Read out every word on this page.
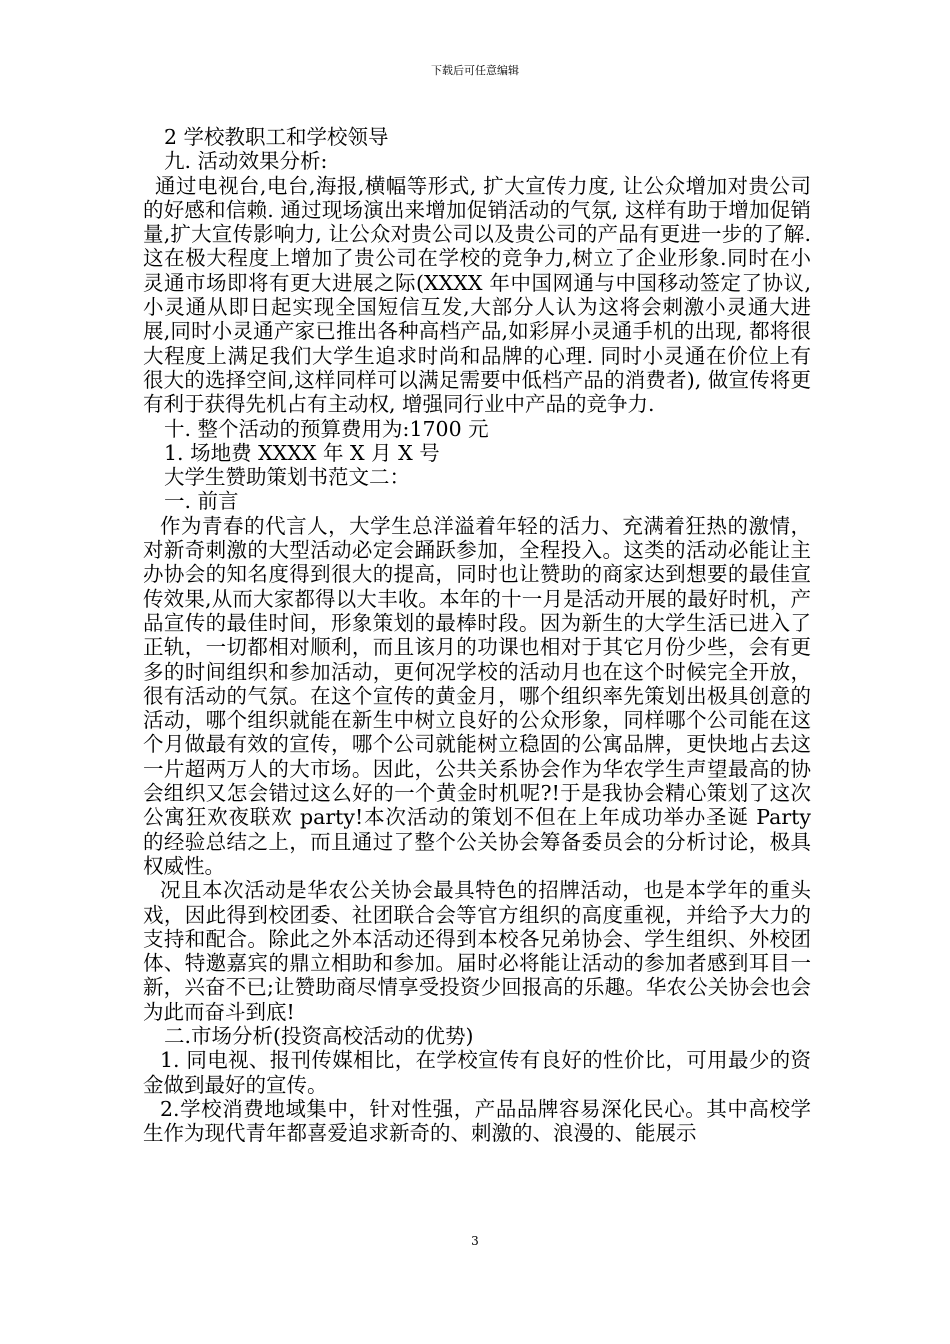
下载后可任意编辑

2 学校教职工和学校领导

九. 活动效果分析:

通过电视台,电台,海报,横幅等形式, 扩大宣传力度, 让公众增加对贵公司的好感和信赖. 通过现场演出来增加促销活动的气氛, 这样有助于增加促销量,扩大宣传影响力, 让公众对贵公司以及贵公司的产品有更进一步的了解.这在极大程度上增加了贵公司在学校的竞争力,树立了企业形象.同时在小灵通市场即将有更大进展之际(XXXX 年中国网通与中国移动签定了协议,小灵通从即日起实现全国短信互发,大部分人认为这将会刺激小灵通大进展,同时小灵通产家已推出各种高档产品,如彩屏小灵通手机的出现, 都将很大程度上满足我们大学生追求时尚和品牌的心理. 同时小灵通在价位上有很大的选择空间,这样同样可以满足需要中低档产品的消费者), 做宣传将更有利于获得先机占有主动权, 增强同行业中产品的竞争力.

十. 整个活动的预算费用为:1700 元

1. 场地费 XXXX 年 X 月 X 号

大学生赞助策划书范文二：

一. 前言

作为青春的代言人，大学生总洋溢着年轻的活力、充满着狂热的激情，对新奇刺激的大型活动必定会踊跃参加，全程投入。这类的活动必能让主办协会的知名度得到很大的提高，同时也让赞助的商家达到想要的最佳宣传效果,从而大家都得以大丰收。本年的十一月是活动开展的最好时机，产品宣传的最佳时间，形象策划的最棒时段。因为新生的大学生活已进入了正轨，一切都相对顺利，而且该月的功课也相对于其它月份少些，会有更多的时间组织和参加活动，更何况学校的活动月也在这个时候完全开放，很有活动的气氛。在这个宣传的黄金月，哪个组织率先策划出极具创意的活动，哪个组织就能在新生中树立良好的公众形象，同样哪个公司能在这个月做最有效的宣传，哪个公司就能树立稳固的公寓品牌，更快地占去这一片超两万人的大市场。因此，公共关系协会作为华农学生声望最高的协会组织又怎会错过这么好的一个黄金时机呢?!于是我协会精心策划了这次公寓狂欢夜联欢 party!本次活动的策划不但在上年成功举办圣诞 Party 的经验总结之上，而且通过了整个公关协会筹备委员会的分析讨论，极具权威性。

况且本次活动是华农公关协会最具特色的招牌活动，也是本学年的重头戏，因此得到校团委、社团联合会等官方组织的高度重视，并给予大力的支持和配合。除此之外本活动还得到本校各兄弟协会、学生组织、外校团体、特邀嘉宾的鼎立相助和参加。届时必将能让活动的参加者感到耳目一新，兴奋不已;让赞助商尽情享受投资少回报高的乐趣。华农公关协会也会为此而奋斗到底!

二.市场分析(投资高校活动的优势)

1. 同电视、报刊传媒相比，在学校宣传有良好的性价比，可用最少的资金做到最好的宣传。

2.学校消费地域集中，针对性强，产品品牌容易深化民心。其中高校学生作为现代青年都喜爱追求新奇的、刺激的、浪漫的、能展示

3
